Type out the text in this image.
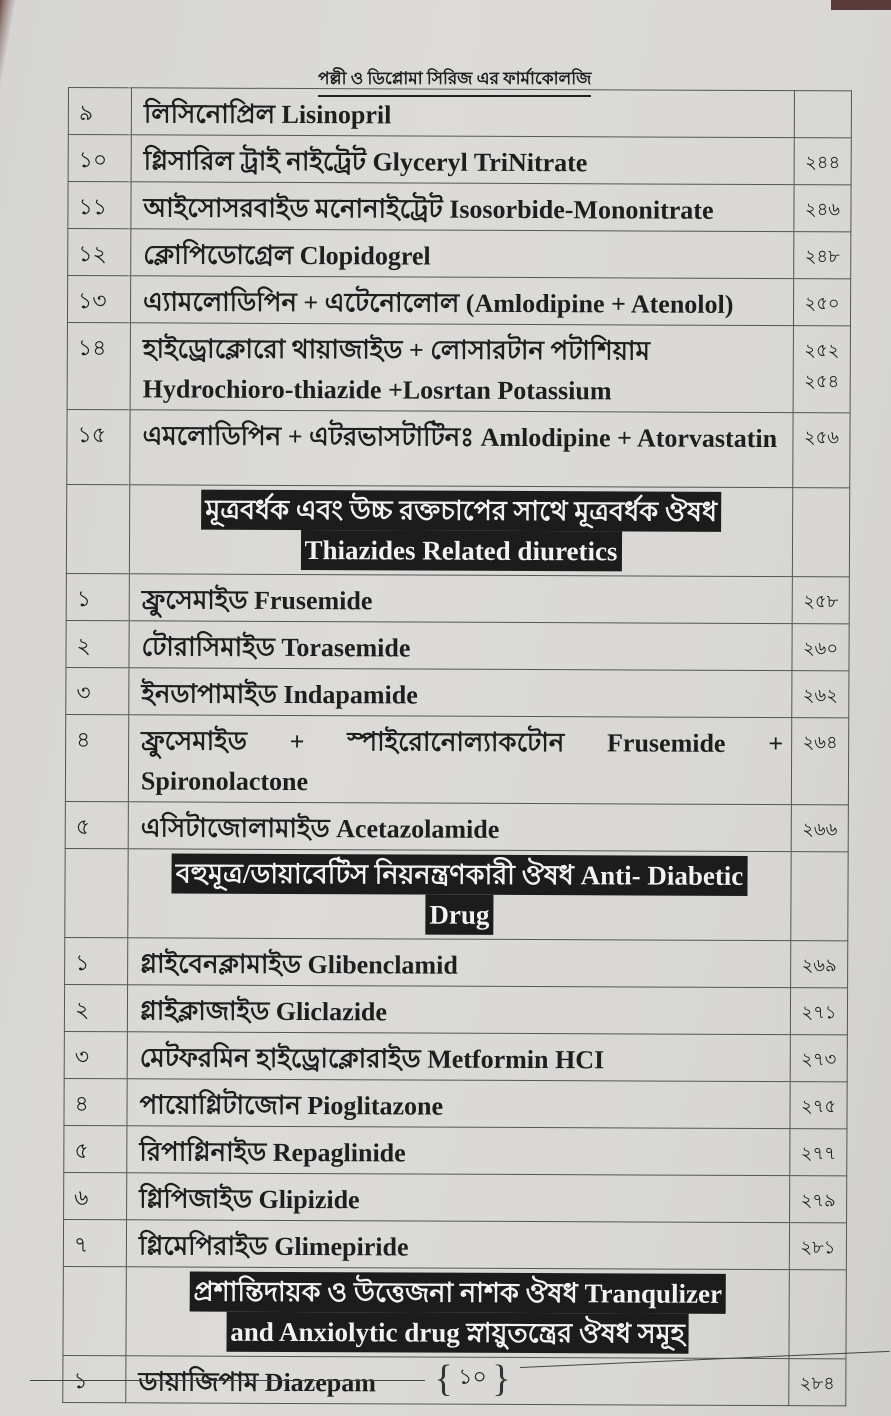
পল্লী ও ডিপ্লোমা সিরিজ এর ফার্মাকোলজি
৯	লিসিনোপ্রিল Lisinopril	
১০	গ্লিসারিল ট্রাই নাইট্রেট Glyceryl TriNitrate	২৪৪
১১	আইসোসরবাইড মনোনাইট্রেট Isosorbide-Mononitrate	২৪৬
১২	ক্লোপিডোগ্রেল Clopidogrel	২৪৮
১৩	এ্যামলোডিপিন + এটেনোলোল (Amlodipine + Atenolol)	২৫০
১৪	হাইড্রোক্লোরো থায়াজাইড + লোসারটান পটাশিয়াম Hydrochioro-thiazide +Losrtan Potassium	২৫২ ২৫৪
১৫	এমলোডিপিন + এটরভাসটাটিনঃ Amlodipine + Atorvastatin	২৫৬
	মূত্রবর্ধক এবং উচ্চ রক্তচাপের সাথে মূত্রবর্ধক ঔষধ
Thiazides Related diuretics	
১	ফ্রুসেমাইড Frusemide	২৫৮
২	টোরাসিমাইড Torasemide	২৬০
৩	ইনডাপামাইড Indapamide	২৬২
৪	ফ্রুসেমাইড + স্পাইরোনোল্যাকটোন Frusemide + Spironolactone	২৬৪
৫	এসিটাজোলামাইড Acetazolamide	২৬৬
	বহুমূত্র/ডায়াবেটিস নিয়নন্ত্রণকারী ঔষধ Anti- Diabetic
Drug	
১	গ্লাইবেনক্লামাইড Glibenclamid	২৬৯
২	গ্লাইক্লাজাইড Gliclazide	২৭১
৩	মেটফরমিন হাইড্রোক্লোরাইড Metformin HCI	২৭৩
৪	পায়োগ্লিটাজোন Pioglitazone	২৭৫
৫	রিপাগ্লিনাইড Repaglinide	২৭৭
৬	গ্লিপিজাইড Glipizide	২৭৯
৭	গ্লিমেপিরাইড Glimepiride	২৮১
	প্রশান্তিদায়ক ও উত্তেজনা নাশক ঔষধ Tranqulizer
and Anxiolytic drug স্নায়ুতন্ত্রের ঔষধ সমূহ	
১	ডায়াজিপাম Diazepam	২৮৪
{ ১০ }
